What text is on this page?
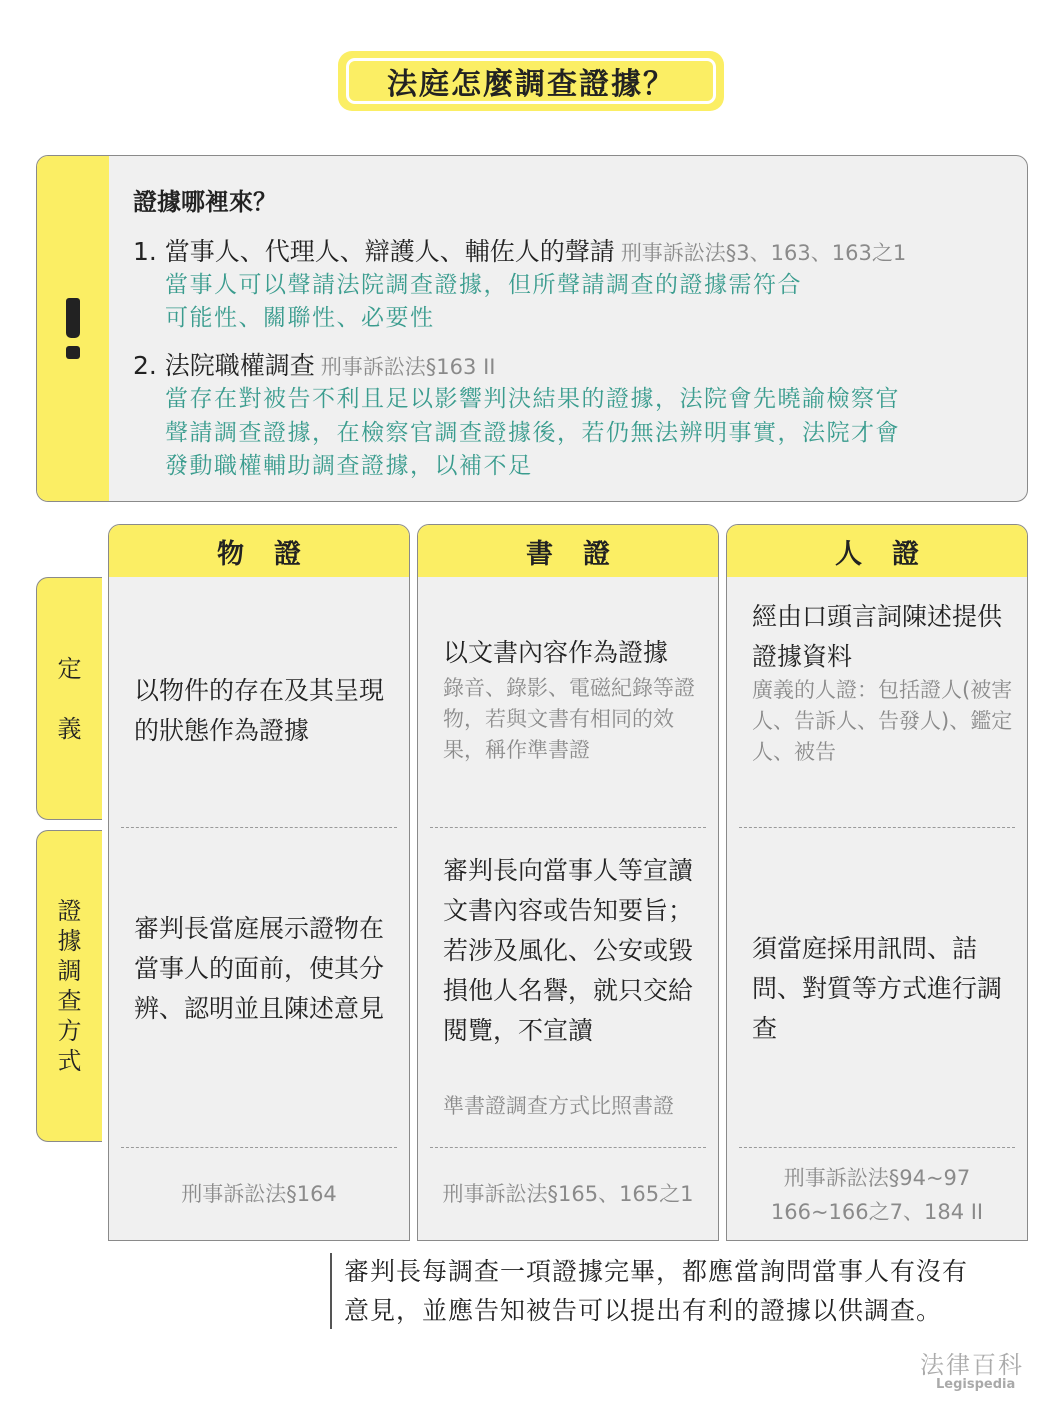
法庭怎麼調查證據？
證據哪裡來？
1. 當事人、代理人、辯護人、輔佐人的聲請 刑事訴訟法§3、163、163之1
當事人可以聲請法院調查證據，但所聲請調查的證據需符合
可能性、關聯性、必要性
2. 法院職權調查 刑事訴訟法§163 II
當存在對被告不利且足以影響判決結果的證據，法院會先曉諭檢察官
聲請調查證據，在檢察官調查證據後，若仍無法辨明事實，法院才會
發動職權輔助調查證據，以補不足
定
義
證
據
調
查
方
式
物證
以物件的存在及其呈現的狀態作為證據
審判長當庭展示證物在當事人的面前，使其分辨、認明並且陳述意見
刑事訴訟法§164
書證
以文書內容作為證據
錄音、錄影、電磁紀錄等證物，若與文書有相同的效果，稱作準書證
審判長向當事人等宣讀文書內容或告知要旨；若涉及風化、公安或毀損他人名譽，就只交給閱覽，不宣讀
準書證調查方式比照書證
刑事訴訟法§165、165之1
人證
經由口頭言詞陳述提供證據資料
廣義的人證：包括證人(被害人、告訴人、告發人)、鑑定人、被告
須當庭採用訊問、詰問、對質等方式進行調查
刑事訴訟法§94~97
166~166之7、184 II
審判長每調查一項證據完畢，都應當詢問當事人有沒有
意見，並應告知被告可以提出有利的證據以供調查。
法律百科
Legispedia
